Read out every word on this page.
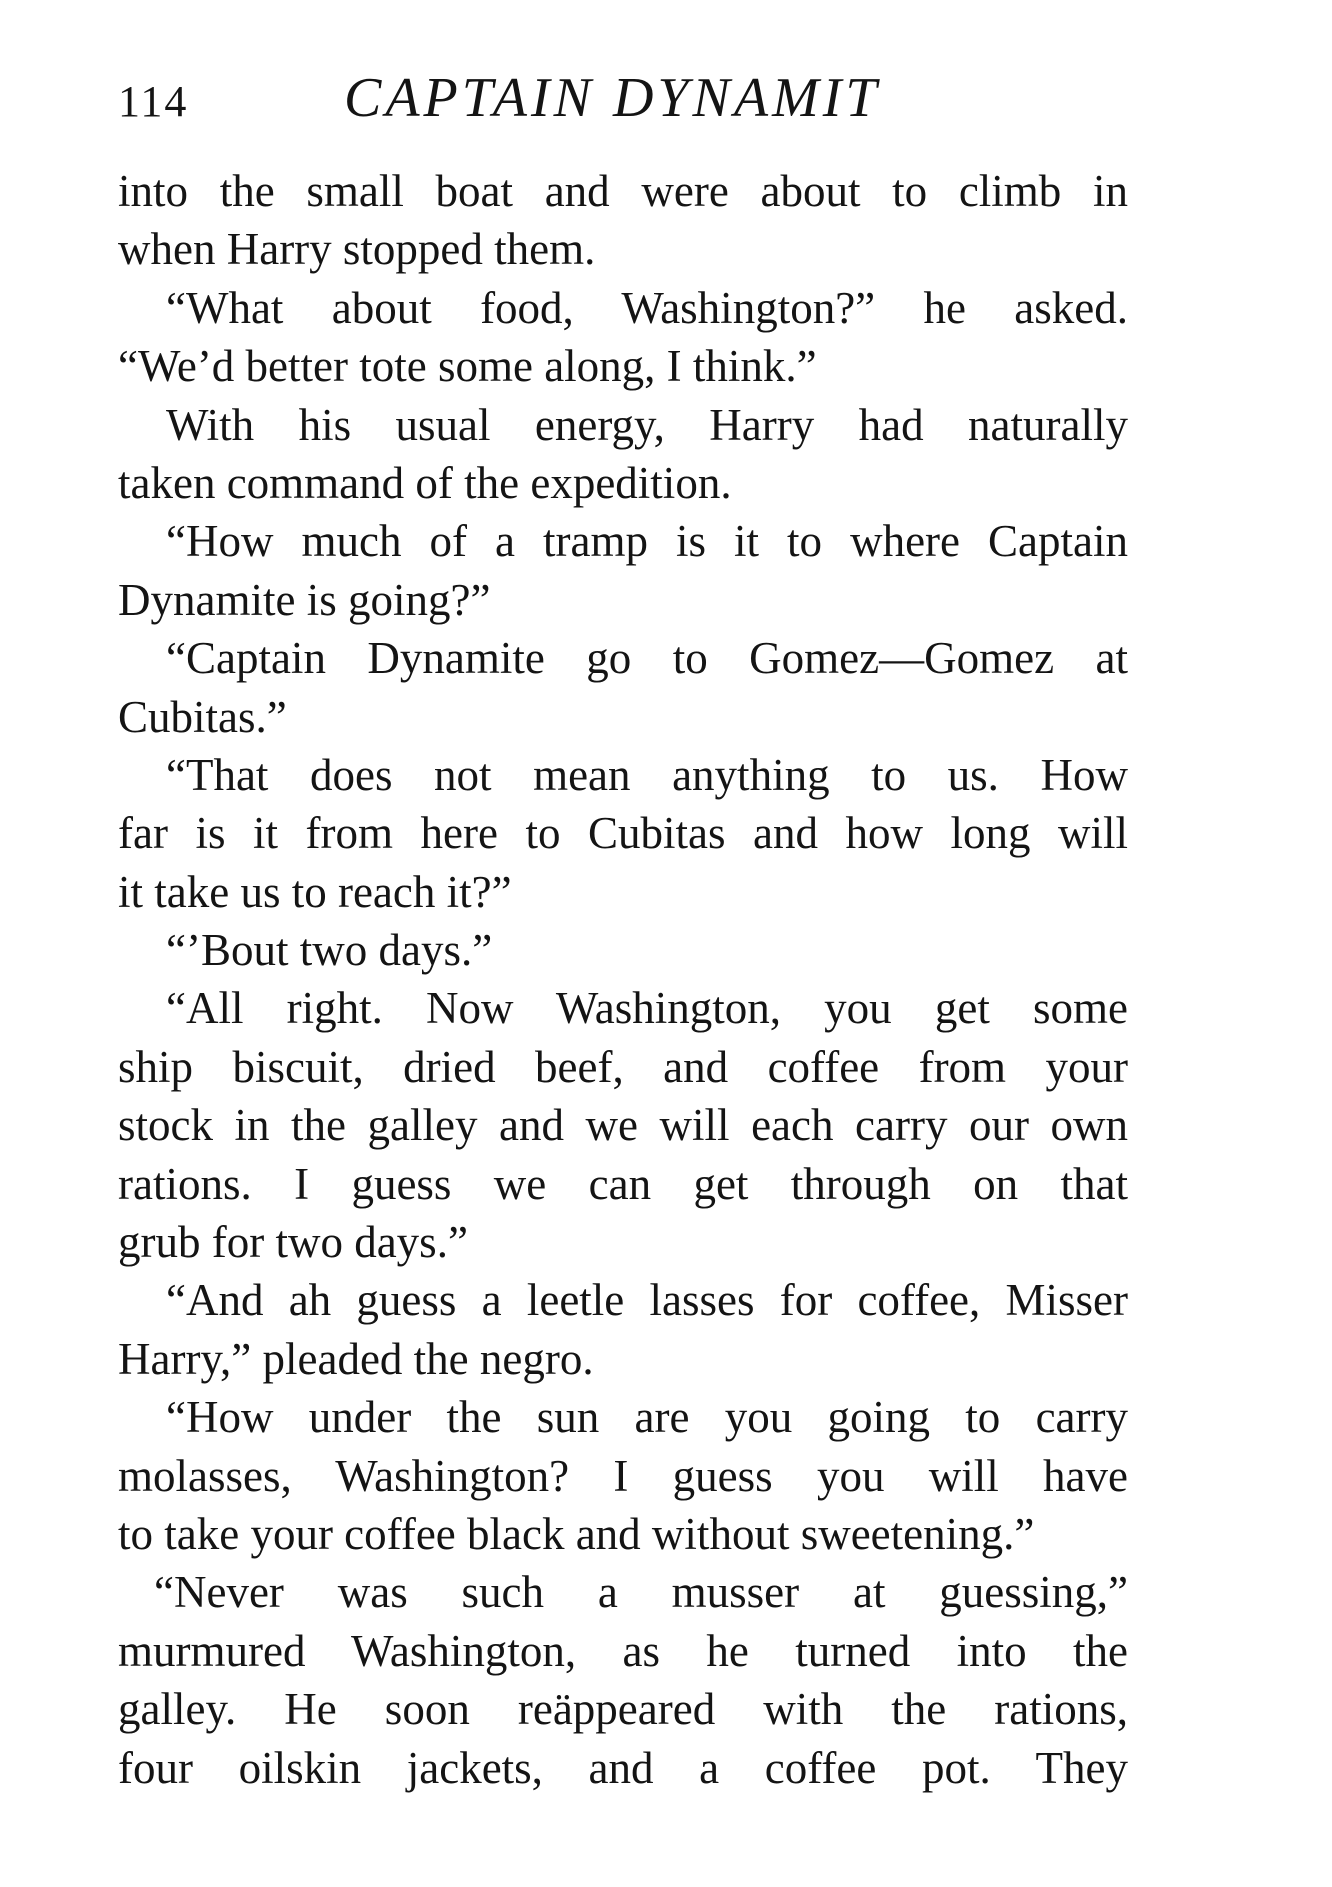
114	CAPTAIN DYNAMIT
into the small boat and were about to climb in
when Harry stopped them.
“What about food, Washington?” he asked.
“We’d better tote some along, I think.”
With his usual energy, Harry had naturally
taken command of the expedition.
“How much of a tramp is it to where Captain
Dynamite is going?”
“Captain Dynamite go to Gomez—Gomez at
Cubitas.”
“That does not mean anything to us. How
far is it from here to Cubitas and how long will
it take us to reach it?”
“’Bout two days.”
“All right. Now Washington, you get some
ship biscuit, dried beef, and coffee from your
stock in the galley and we will each carry our own
rations. I guess we can get through on that
grub for two days.”
“And ah guess a leetle lasses for coffee, Misser
Harry,” pleaded the negro.
“How under the sun are you going to carry
molasses, Washington? I guess you will have
to take your coffee black and without sweetening.”
“Never was such a musser at guessing,”
murmured Washington, as he turned into the
galley. He soon reäppeared with the rations,
four oilskin jackets, and a coffee pot. They
